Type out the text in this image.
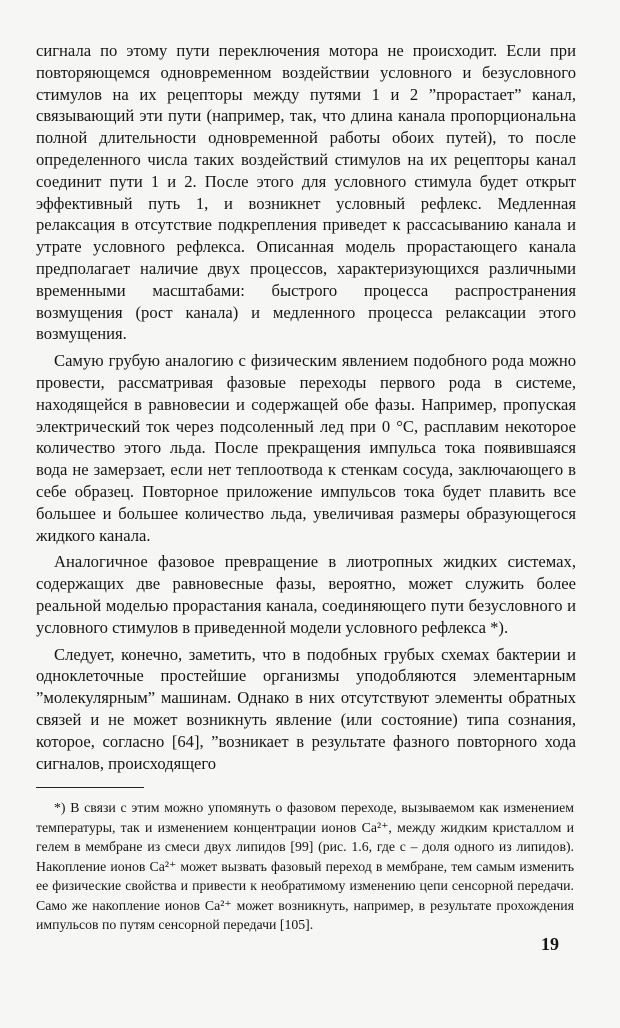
сигнала по этому пути переключения мотора не происходит. Если при повторяющемся одновременном воздействии условного и безусловного стимулов на их рецепторы между путями 1 и 2 ”прорастает” канал, связывающий эти пути (например, так, что длина канала пропорциональна полной длительности одновременной работы обоих путей), то после определенного числа таких воздействий стимулов на их рецепторы канал соединит пути 1 и 2. После этого для условного стимула будет открыт эффективный путь 1, и возникнет условный рефлекс. Медленная релаксация в отсутствие подкрепления приведет к рассасыванию канала и утрате условного рефлекса. Описанная модель прорастающего канала предполагает наличие двух процессов, характеризующихся различными временными масштабами: быстрого процесса распространения возмущения (рост канала) и медленного процесса релаксации этого возмущения.

Самую грубую аналогию с физическим явлением подобного рода можно провести, рассматривая фазовые переходы первого рода в системе, находящейся в равновесии и содержащей обе фазы. Например, пропуская электрический ток через подсоленный лед при 0 °С, расплавим некоторое количество этого льда. После прекращения импульса тока появившаяся вода не замерзает, если нет теплоотвода к стенкам сосуда, заключающего в себе образец. Повторное приложение импульсов тока будет плавить все большее и большее количество льда, увеличивая размеры образующегося жидкого канала.

Аналогичное фазовое превращение в лиотропных жидких системах, содержащих две равновесные фазы, вероятно, может служить более реальной моделью прорастания канала, соединяющего пути безусловного и условного стимулов в приведенной модели условного рефлекса *).

Следует, конечно, заметить, что в подобных грубых схемах бактерии и одноклеточные простейшие организмы уподобляются элементарным ”молекулярным” машинам. Однако в них отсутствуют элементы обратных связей и не может возникнуть явление (или состояние) типа сознания, которое, согласно [64], ”возникает в результате фазного повторного хода сигналов, происходящего

*) В связи с этим можно упомянуть о фазовом переходе, вызываемом как изменением температуры, так и изменением концентрации ионов Ca²⁺, между жидким кристаллом и гелем в мембране из смеси двух липидов [99] (рис. 1.6, где c – доля одного из липидов). Накопление ионов Ca²⁺ может вызвать фазовый переход в мембране, тем самым изменить ее физические свойства и привести к необратимому изменению цепи сенсорной передачи. Само же накопление ионов Ca²⁺ может возникнуть, например, в результате прохождения импульсов по путям сенсорной передачи [105].

19
